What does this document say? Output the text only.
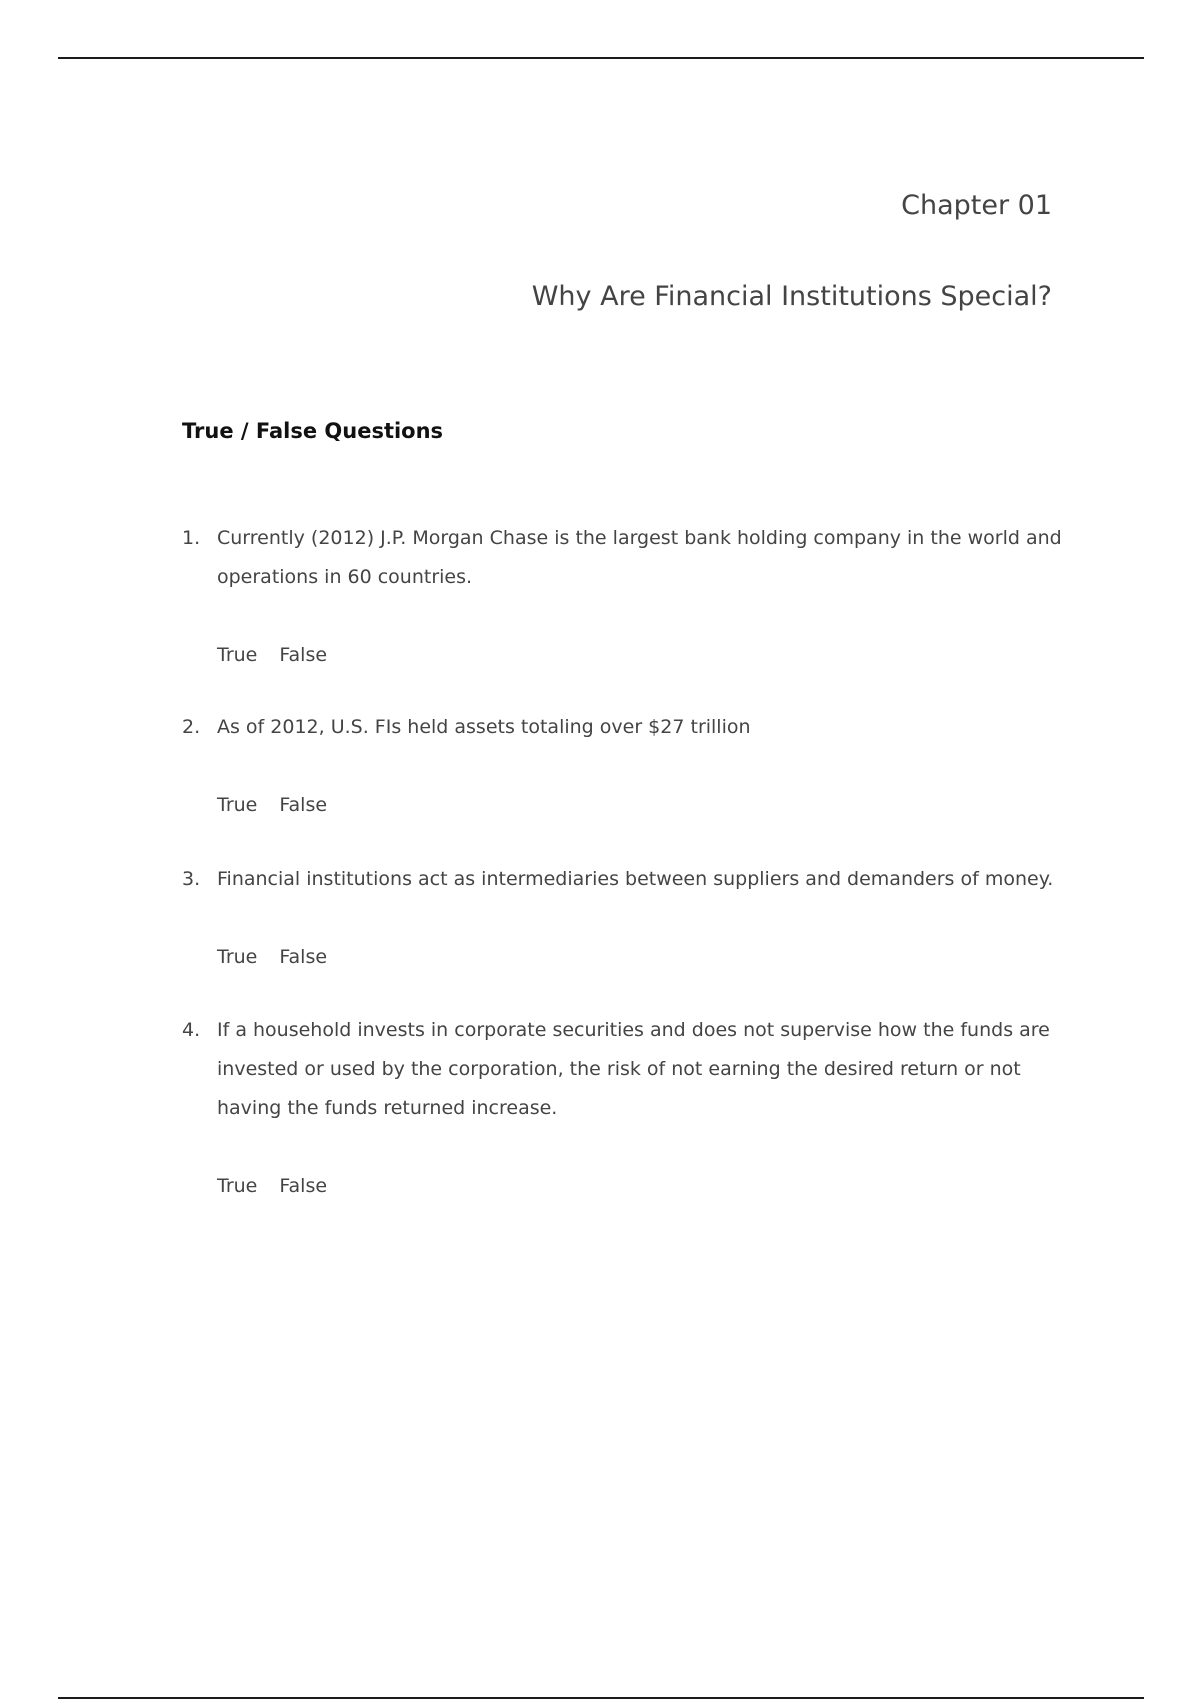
Chapter 01
Why Are Financial Institutions Special?
True / False Questions
1. Currently (2012) J.P. Morgan Chase is the largest bank holding company in the world and operations in 60 countries.
True False
2. As of 2012, U.S. FIs held assets totaling over $27 trillion
True False
3. Financial institutions act as intermediaries between suppliers and demanders of money.
True False
4. If a household invests in corporate securities and does not supervise how the funds are invested or used by the corporation, the risk of not earning the desired return or not having the funds returned increase.
True False
